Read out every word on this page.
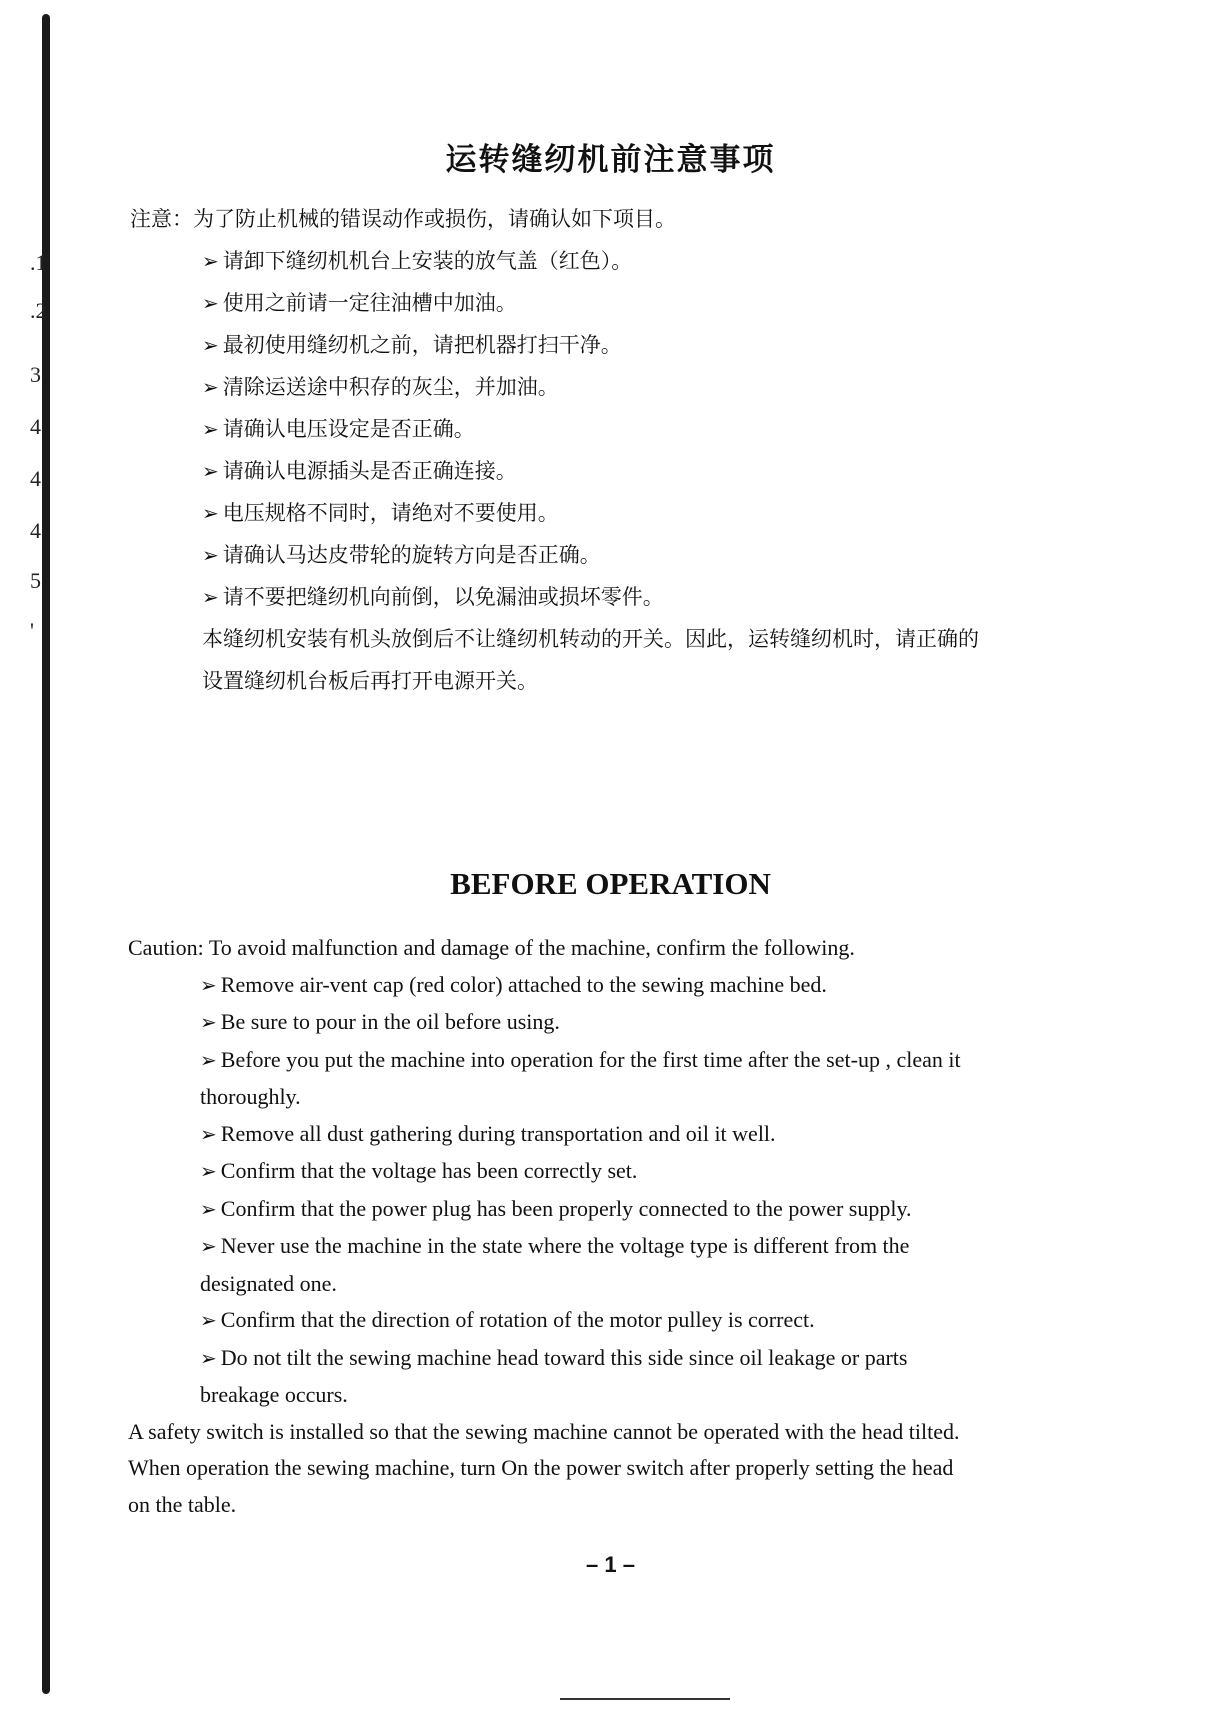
.1
.2
3
4
4
4
5
'
运转缝纫机前注意事项
注意：为了防止机械的错误动作或损伤，请确认如下项目。
➢ 请卸下缝纫机机台上安装的放气盖（红色）。
➢ 使用之前请一定往油槽中加油。
➢ 最初使用缝纫机之前，请把机器打扫干净。
➢ 清除运送途中积存的灰尘，并加油。
➢ 请确认电压设定是否正确。
➢ 请确认电源插头是否正确连接。
➢ 电压规格不同时，请绝对不要使用。
➢ 请确认马达皮带轮的旋转方向是否正确。
➢ 请不要把缝纫机向前倒，以免漏油或损坏零件。
本缝纫机安装有机头放倒后不让缝纫机转动的开关。因此，运转缝纫机时，请正确的
设置缝纫机台板后再打开电源开关。
BEFORE OPERATION
Caution: To avoid malfunction and damage of the machine, confirm the following.
➢ Remove air-vent cap (red color) attached to the sewing machine bed.
➢ Be sure to pour in the oil before using.
➢ Before you put the machine into operation for the first time after the set-up , clean it
thoroughly.
➢ Remove all dust gathering during transportation and oil it well.
➢ Confirm that the voltage has been correctly set.
➢ Confirm that the power plug has been properly connected to the power supply.
➢ Never use the machine in the state where the voltage type is different from the
designated one.
➢ Confirm that the direction of rotation of the motor pulley is correct.
➢ Do not tilt the sewing machine head toward this side since oil leakage or parts
breakage occurs.
A safety switch is installed so that the sewing machine cannot be operated with the head tilted.
When operation the sewing machine, turn On the power switch after properly setting the head
on the table.
– 1 –
